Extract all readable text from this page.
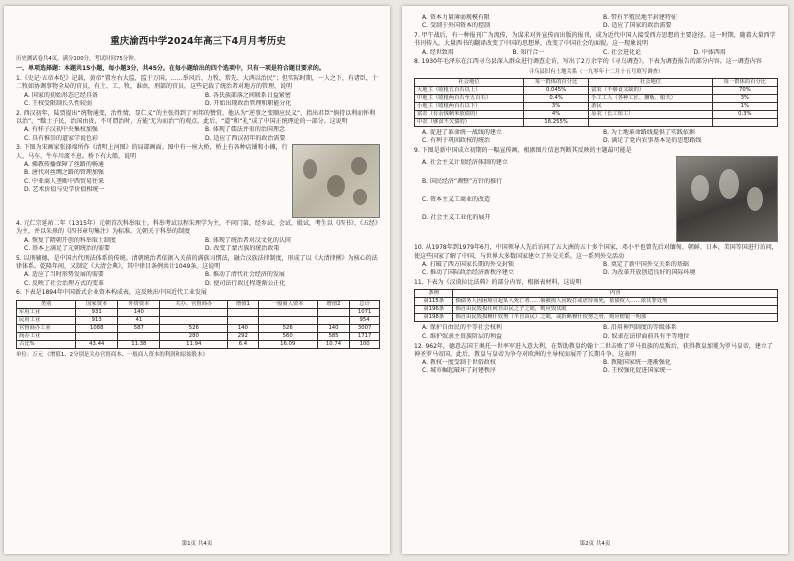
重庆渝西中学2024年高三下4月月考历史
历史测试卷共4页，满分100分，考试时间75分钟。
一、单项选择题：本题共15小题，每小题3分，共45分。在每小题给出的四个选项中，只有一项是符合题目要求的。
1.《史记·五帝本纪》记载，黄帝“置左右大监，监于万国。……举风后、力牧、常先、大鸿以治民”；但实际时期，一人之下，有诸臣，十二牧如协调事物全局的官员，有土、工、牧，谁由，刑部的官员。这些记载了统治者对地方的管理，说明
A. 国家的初始形态已经具备	B. 各氏族部落之间联系日益紧密
C. 王权受限制长久性较弱	D. 开始出现政治管理和职能分化
2. 西汉初年，陆贾提出“统物通变，治性情，显仁义”的主张得到了刘邦的赞赏。他认为“逆事之变顺应民义”，指出君臣“倘持以利而怀利以治”，“黜士子民，治国由贵，不可谓治时，方能‘无为而治’”的观点。此后，“道”和“礼”成了中国正统理论的一部分。这说明
A. 有样子汉初中央集权加强	B. 体现了儒法并重的治国理念
C. 具有推崇的道家学说色彩	D. 适应了西汉初年的政治需要
3. 下图为宋画家张择端所作《清明上河图》的局部画面。图中有一座大桥，桥上有各种店铺和小摊，行人、马车、牛车川流不息。桥下有大船，说明
A. 佛教传播保障了丝路的畅通
B. 唐代对丝绸之路的管理加强
C. 中亚商人垄断中西贸易往来
D. 艺术价值与史学价值相统一
4. 元仁宗延祐二年（1315年）元朝首次科举取士。科举考试以程朱理学为主，不问门第，经乡试、会试、殿试，考生以《四书》、《五经》为主，并以朱熹的《四书章句集注》为标准。元朝关于科举的制度
A. 恢复了隋朝开创的科举取士制度	B. 体现了统治者对汉文化的认同
C. 基本上满足了元朝统治的需要	D. 改变了蒙古族的统治政策
5. 以刑辅德，是中国古代刑法体系的传统。清朝统治者依据入关前的满族习惯法，融合汉族法律制度，形成了以《大清律例》为核心的法律体系。乾隆年间，又制定《大清会典》，其中律目条例共计1049条。这说明
A. 适应了当时形势发展的需要	B. 推动了清代社会经济的发展
C. 反映了社会治理方式的变革	D. 使司法行政过程逐渐公正化
6. 下表是1894年中国新式企业资本构成表，这反映出中国近代工业发展
类别	国家资本	外资资本	关办、官督商办	增值1	一般商人资本	增值2	总计
军用工业	931	140					1071
民用工业	913	41					954
官督商办工业	1088	587	526	140	526	140	3007
商办工业			280	292	560	585	1717
占比%	43.44	11.38	11.94	6.4	16.09	10.74	100
单位：万元 《增值1、2分别是关办官督商本、一般商人资本的利润和原始股本》
第1页 共4页
A. 资本力量薄弱规模有限	B. 带有半殖民地半封建特征
C. 受制于外国资本的控制	D. 适应了国家的政治需要
7. 甲午战后，有一种报刊广为流传，为谋求对外宣传而出版的报刊，成为近代中国人接受西方思想的主要途径。这一时期，随着大量西学书刊传入，大量西书的翻译改变了中国的思想界，改变了中国社会的面貌。这一现象说明
A. 经世致用	B. 知行合一	C. 社会进化论	D. 中体西用
8. 1930年毛泽东在江西寻乌县深入群众进行调查走访，写出了2万余字的《寻乌调查》。下表为调查报告的部分内容。这一调查内容
寻乌县旧有土地关系（一九零年十二月十五号填写调查）
社会地位	每一群体的百分比	社会地位	每一群体的百分比
大地主（收租五百石以上）	0.045%	富农（不够食又缺的）	70%
中地主（收租两百石至五百石）	0.4%	手工工人（各种工匠、摊贩、船夫）	3%
小地主（收租两百石以下）	3%	游民	1%
富农（有余钱剩米放债的）	4%	原农（长工短工）	0.3%
中农（够食不欠债的）	18.255%		
A. 促进了革命统一战线的建立	B. 为土地革命路线提供了实践依据
C. 有利于巩固政权的统治	D. 满足了党内农事基本是的思想路线
9. 下图是新中国成立初期的一幅宣传画，根据图片信息判断其反映的主题最可能是
A. 社会主义计划经济体制的建立
B. 国民经济“调整”方针的推行
C. 资本主义工商业的改造
D. 社会主义工业化的展开
10. 从1978年到1979年6月，中国领导人先后访问了五大洲的五十多个国家，邓小平也曾先后对缅甸、朝鲜、日本、美国等国进行访问，使这些国家了解了中国，与世界大多数国家建立了外交关系。这一系列外交活动
A. 打破了西方国家长期的外交封锁	B. 奠定了新中国外交关系的基础
C. 推动了国际政治经济新秩序建立	D. 为改革开放创造良好的国际环境
11. 下表为《汉谟拉比法典》的部分内容，根据表材料，这说明
条例	内容
第115条	倘债务人因困境引起某人死亡者……倘被拘人因殴打或虐待而死，依债权人……依其罪处刑
第196条	倘自由民毁损任何自由民之子之眼，则应毁其眼
第198条	倘自由民毁损穆什钦努（半自由民）之眼，或折断穆什钦努之骨，则应赔银一明那
A. 保护自由民的平等社会权利	B. 沿用神判制度的等级体系
C. 维护奴隶主贵族阶层的利益	D. 奴隶在法律面前具有平等地位
12. 962年，德意志国王奥托一世率军进入意大利，在帮助教皇约翰十二世击败了罗马贵族的反叛后，获得教皇加冕为罗马皇帝，建立了神圣罗马帝国。此后，教皇与皇帝为争夺对欧洲的主导权而展开了长期斗争。这表明
A. 教权一度受制于世俗政权	B. 教随国家统一逐渐强化
C. 城市崛起破坏了封建秩序	D. 王权强化促进国家统一
第2页 共4页
